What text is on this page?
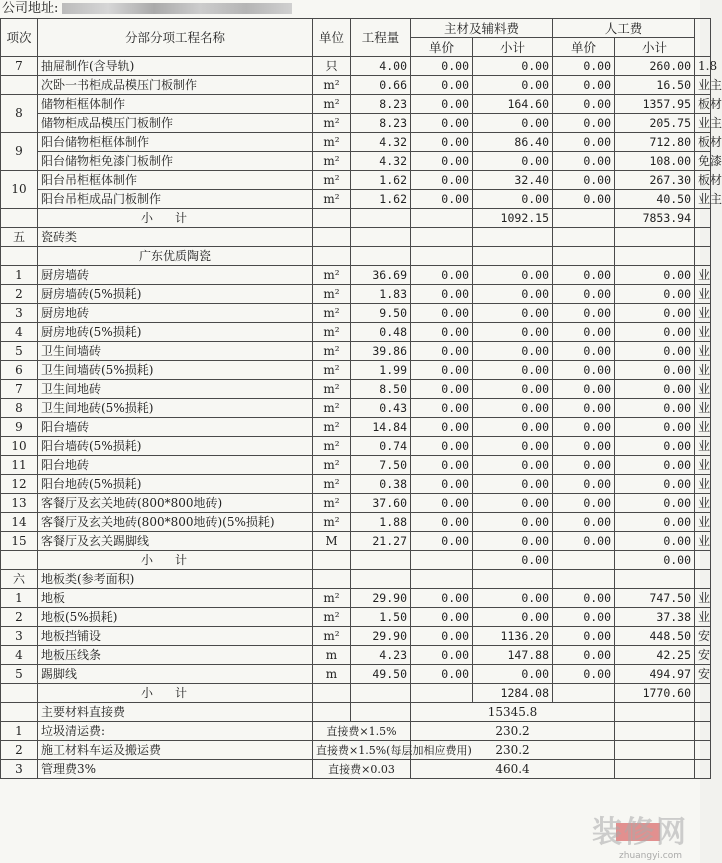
公司地址:
项次	分部分项工程名称	单位	工程量	主材及辅料费		人工费		
				单价	小计	单价	小计	
7	抽屉制作(含导轨)	只	4.00	0.00	0.00	0.00	260.00	1.8
	次卧一书柜成品模压门板制作	m²	0.66	0.00	0.00	0.00	16.50	业主
8	储物柜框体制作	m²	8.23	0.00	164.60	0.00	1357.95	板材
	储物柜成品模压门板制作	m²	8.23	0.00	0.00	0.00	205.75	业主
9	阳台储物柜框体制作	m²	4.32	0.00	86.40	0.00	712.80	板材
	阳台储物柜免漆门板制作	m²	4.32	0.00	0.00	0.00	108.00	免漆
10	阳台吊柜框体制作	m²	1.62	0.00	32.40	0.00	267.30	板材
	阳台吊柜成品门板制作	m²	1.62	0.00	0.00	0.00	40.50	业主
	小计				1092.15		7853.94	
五	瓷砖类							
	广东优质陶瓷							
1	厨房墙砖	m²	36.69	0.00	0.00	0.00	0.00	业
2	厨房墙砖(5%损耗)	m²	1.83	0.00	0.00	0.00	0.00	业
3	厨房地砖	m²	9.50	0.00	0.00	0.00	0.00	业
4	厨房地砖(5%损耗)	m²	0.48	0.00	0.00	0.00	0.00	业
5	卫生间墙砖	m²	39.86	0.00	0.00	0.00	0.00	业
6	卫生间墙砖(5%损耗)	m²	1.99	0.00	0.00	0.00	0.00	业
7	卫生间地砖	m²	8.50	0.00	0.00	0.00	0.00	业
8	卫生间地砖(5%损耗)	m²	0.43	0.00	0.00	0.00	0.00	业
9	阳台墙砖	m²	14.84	0.00	0.00	0.00	0.00	业
10	阳台墙砖(5%损耗)	m²	0.74	0.00	0.00	0.00	0.00	业
11	阳台地砖	m²	7.50	0.00	0.00	0.00	0.00	业
12	阳台地砖(5%损耗)	m²	0.38	0.00	0.00	0.00	0.00	业
13	客餐厅及玄关地砖(800*800地砖)	m²	37.60	0.00	0.00	0.00	0.00	业
14	客餐厅及玄关地砖(800*800地砖)(5%损耗)	m²	1.88	0.00	0.00	0.00	0.00	业
15	客餐厅及玄关踢脚线	M	21.27	0.00	0.00	0.00	0.00	业
	小计				0.00		0.00	
六	地板类(参考面积)							
1	地板	m²	29.90	0.00	0.00	0.00	747.50	业
2	地板(5%损耗)	m²	1.50	0.00	0.00	0.00	37.38	业
3	地板挡铺设	m²	29.90	0.00	1136.20	0.00	448.50	安
4	地板压线条	m	4.23	0.00	147.88	0.00	42.25	安
5	踢脚线	m	49.50	0.00	0.00	0.00	494.97	安
	小计				1284.08		1770.60	
	主要材料直接费			15345.8				
1	垃圾清运费:	直接费×1.5%		230.2				
2	施工材料车运及搬运费	直接费×1.5%(每层加相应费用)		230.2				
3	管理费3%	直接费×0.03		460.4				
装修网
zhuangyi.com
